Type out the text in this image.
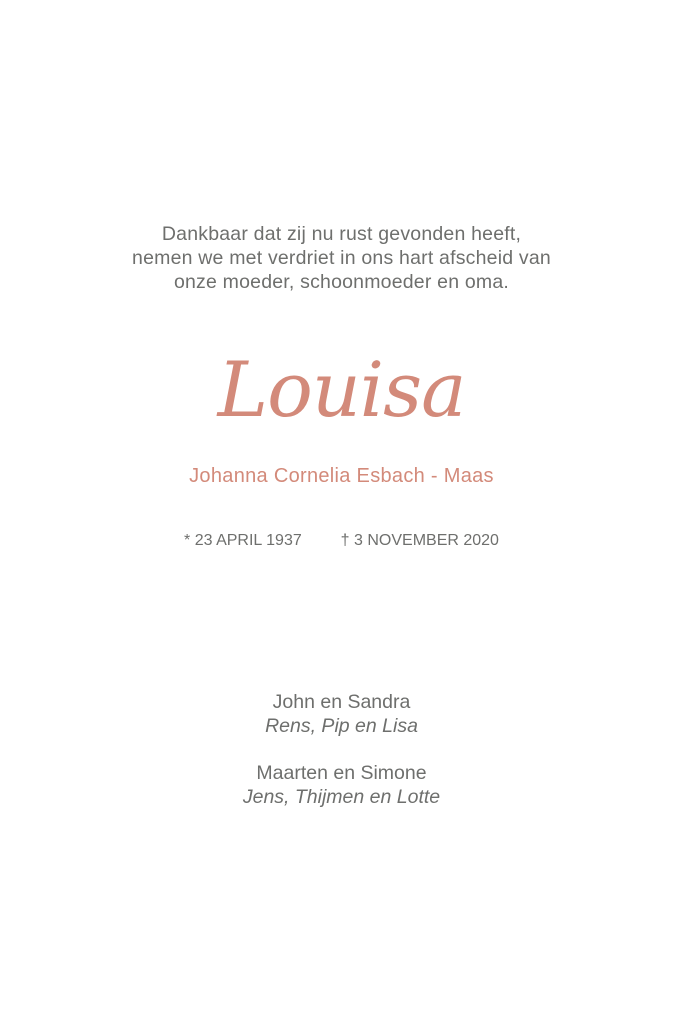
Dankbaar dat zij nu rust gevonden heeft,
nemen we met verdriet in ons hart afscheid van
onze moeder, schoonmoeder en oma.
Louisa
Johanna Cornelia Esbach - Maas
* 23 APRIL 1937 † 3 NOVEMBER 2020
John en Sandra
Rens, Pip en Lisa
Maarten en Simone
Jens, Thijmen en Lotte
